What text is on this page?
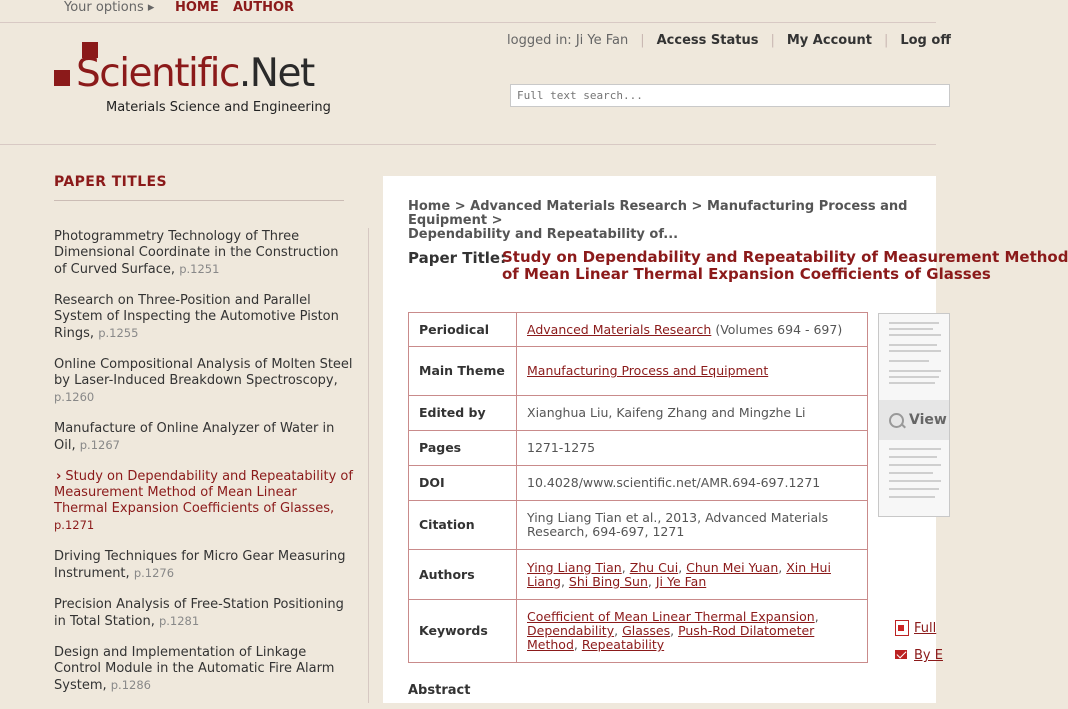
Your options ▸ HOME AUTHOR
Scientific.Net
Materials Science and Engineering
logged in: Ji Ye Fan | Access Status | My Account | Log off
Full text search...
PAPER TITLES
Photogrammetry Technology of Three Dimensional Coordinate in the Construction of Curved Surface, p.1251
Research on Three-Position and Parallel System of Inspecting the Automotive Piston Rings, p.1255
Online Compositional Analysis of Molten Steel by Laser-Induced Breakdown Spectroscopy, p.1260
Manufacture of Online Analyzer of Water in Oil, p.1267
› Study on Dependability and Repeatability of Measurement Method of Mean Linear Thermal Expansion Coefficients of Glasses, p.1271
Driving Techniques for Micro Gear Measuring Instrument, p.1276
Precision Analysis of Free-Station Positioning in Total Station, p.1281
Design and Implementation of Linkage Control Module in the Automatic Fire Alarm System, p.1286
Home > Advanced Materials Research > Manufacturing Process and Equipment >
Dependability and Repeatability of...
Paper Title:
Study on Dependability and Repeatability of Measurement Method
of Mean Linear Thermal Expansion Coefficients of Glasses
Periodical	Advanced Materials Research (Volumes 694 - 697)
Main Theme	Manufacturing Process and Equipment
Edited by	Xianghua Liu, Kaifeng Zhang and Mingzhe Li
Pages	1271-1275
DOI	10.4028/www.scientific.net/AMR.694-697.1271
Citation	Ying Liang Tian et al., 2013, Advanced Materials Research, 694-697, 1271
Authors	Ying Liang Tian, Zhu Cui, Chun Mei Yuan, Xin Hui Liang, Shi Bing Sun, Ji Ye Fan
Keywords	Coefficient of Mean Linear Thermal Expansion, Dependability, Glasses, Push-Rod Dilatometer Method, Repeatability
View
Full
By E
Abstract
